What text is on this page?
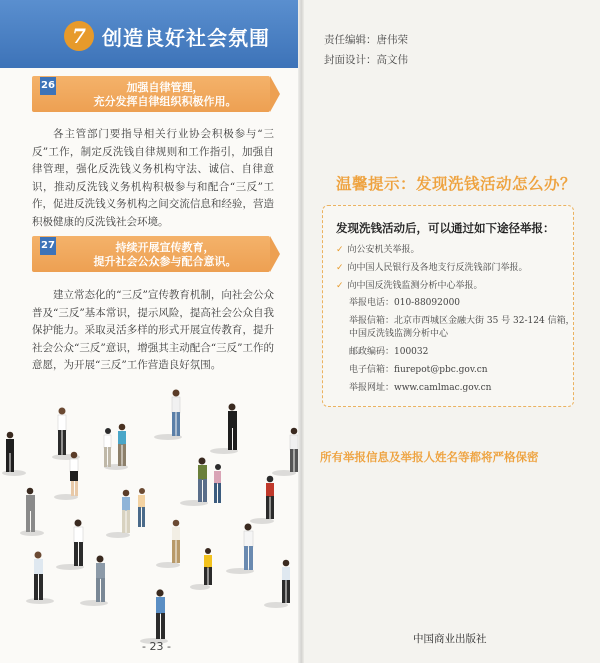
7 创造良好社会氛围
26	加强自律管理，
充分发挥自律组织积极作用。

各主管部门要指导相关行业协会积极参与“三反”工作，制定反洗钱自律规则和工作指引，加强自律管理，强化反洗钱义务机构守法、诚信、自律意识，推动反洗钱义务机构积极参与和配合“三反”工作，促进反洗钱义务机构之间交流信息和经验，营造积极健康的反洗钱社会环境。

27	持续开展宣传教育，
提升社会公众参与配合意识。

建立常态化的“三反”宣传教育机制，向社会公众普及“三反”基本常识，提示风险，提高社会公众自我保护能力。采取灵活多样的形式开展宣传教育，提升社会公众“三反”意识，增强其主动配合“三反”工作的意愿，为开展“三反”工作营造良好氛围。

- 23 -
责任编辑：唐伟荣
封面设计：高文伟
温馨提示：发现洗钱活动怎么办？
发现洗钱活动后，可以通过如下途径举报：
✓ 向公安机关举报。
✓ 向中国人民银行及各地支行反洗钱部门举报。
✓ 向中国反洗钱监测分析中心举报。
举报电话：010-88092000
举报信箱：北京市西城区金融大街 35 号 32-124 信箱，
中国反洗钱监测分析中心
邮政编码：100032
电子信箱：fiurepot@pbc.gov.cn
举报网址：www.camlmac.gov.cn
所有举报信息及举报人姓名等都将严格保密
中国商业出版社
